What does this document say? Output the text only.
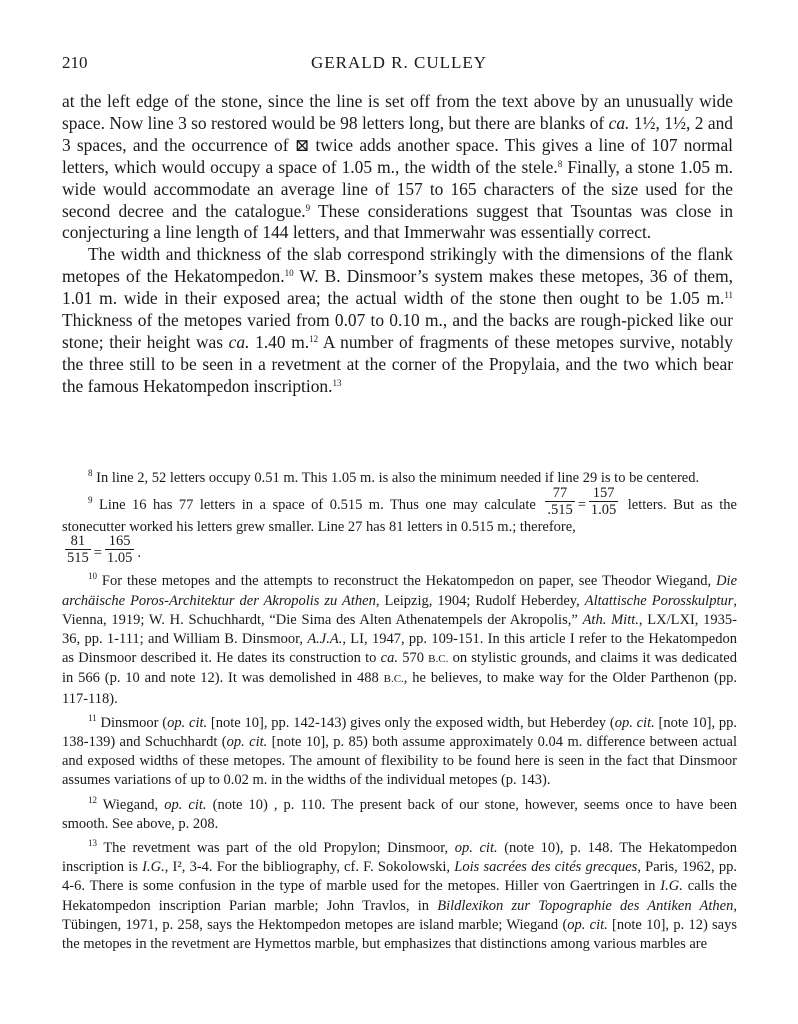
210	GERALD R. CULLEY

at the left edge of the stone, since the line is set off from the text above by an unusually wide space. Now line 3 so restored would be 98 letters long, but there are blanks of ca. 1½, 1½, 2 and 3 spaces, and the occurrence of ⊠ twice adds another space. This gives a line of 107 normal letters, which would occupy a space of 1.05 m., the width of the stele.$^8$ Finally, a stone 1.05 m. wide would accommodate an average line of 157 to 165 characters of the size used for the second decree and the catalogue.$^9$ These considerations suggest that Tsountas was close in conjecturing a line length of 144 letters, and that Immerwahr was essentially correct.

The width and thickness of the slab correspond strikingly with the dimensions of the flank metopes of the Hekatompedon.$^{10}$ W. B. Dinsmoor’s system makes these metopes, 36 of them, 1.01 m. wide in their exposed area; the actual width of the stone then ought to be 1.05 m.$^{11}$ Thickness of the metopes varied from 0.07 to 0.10 m., and the backs are rough-picked like our stone; their height was ca. 1.40 m.$^{12}$ A number of fragments of these metopes survive, notably the three still to be seen in a revetment at the corner of the Propylaia, and the two which bear the famous Hekatompedon inscription.$^{13}$

$^8$ In line 2, 52 letters occupy 0.51 m. This 1.05 m. is also the minimum needed if line 29 is to be centered.

$^9$ Line 16 has 77 letters in a space of 0.515 m. Thus one may calculate $\frac{77}{.515} = \frac{157}{1.05}$ letters. But as the stonecutter worked his letters grew smaller. Line 27 has 81 letters in 0.515 m.; therefore,

$\frac{81}{515} = \frac{165}{1.05}$ .

$^{10}$ For these metopes and the attempts to reconstruct the Hekatompedon on paper, see Theodor Wiegand, Die archäische Poros-Architektur der Akropolis zu Athen, Leipzig, 1904; Rudolf Heberdey, Altattische Porosskulptur, Vienna, 1919; W. H. Schuchhardt, “Die Sima des Alten Athenatempels der Akropolis,” Ath. Mitt., LX/LXI, 1935-36, pp. 1-111; and William B. Dinsmoor, A.J.A., LI, 1947, pp. 109-151. In this article I refer to the Hekatompedon as Dinsmoor described it. He dates its construction to ca. 570 B.C. on stylistic grounds, and claims it was dedicated in 566 (p. 10 and note 12). It was demolished in 488 B.C., he believes, to make way for the Older Parthenon (pp. 117-118).

$^{11}$ Dinsmoor (op. cit. [note 10], pp. 142-143) gives only the exposed width, but Heberdey (op. cit. [note 10], pp. 138-139) and Schuchhardt (op. cit. [note 10], p. 85) both assume approximately 0.04 m. difference between actual and exposed widths of these metopes. The amount of flexibility to be found here is seen in the fact that Dinsmoor assumes variations of up to 0.02 m. in the widths of the individual metopes (p. 143).

$^{12}$ Wiegand, op. cit. (note 10) , p. 110. The present back of our stone, however, seems once to have been smooth. See above, p. 208.

$^{13}$ The revetment was part of the old Propylon; Dinsmoor, op. cit. (note 10), p. 148. The Hekatompedon inscription is I.G., I², 3-4. For the bibliography, cf. F. Sokolowski, Lois sacrées des cités grecques, Paris, 1962, pp. 4-6. There is some confusion in the type of marble used for the metopes. Hiller von Gaertringen in I.G. calls the Hekatompedon inscription Parian marble; John Travlos, in Bildlexikon zur Topographie des Antiken Athen, Tübingen, 1971, p. 258, says the Hektompedon metopes are island marble; Wiegand (op. cit. [note 10], p. 12) says the metopes in the revetment are Hymettos marble, but emphasizes that distinctions among various marbles are
